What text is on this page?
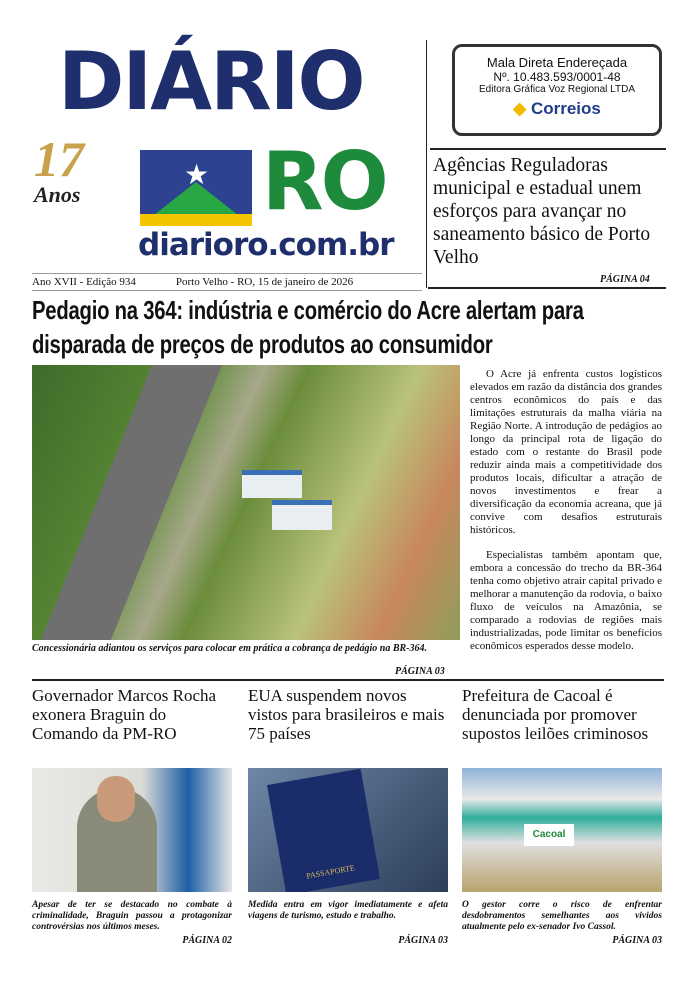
DIÁRIO
17
Anos
★ RO
diarioro.com.br
Ano XVII - Edição 934	Porto Velho - RO, 15 de janeiro de 2026
Mala Direta Endereçada
Nº. 10.483.593/0001-48
Editora Gráfica Voz Regional LTDA
◆ Correios
Agências Reguladoras municipal e estadual unem esforços para avançar no saneamento básico de Porto Velho
PÁGINA 04
Pedagio na 364: indústria e comércio do Acre alertam para disparada de preços de produtos ao consumidor
Concessionária adiantou os serviços para colocar em prática a cobrança de pedágio na BR-364.
PÁGINA 03

O Acre já enfrenta custos logísticos elevados em razão da distância dos grandes centros econômicos do país e das limitações estruturais da malha viária na Região Norte. A introdução de pedágios ao longo da principal rota de ligação do estado com o restante do Brasil pode reduzir ainda mais a competitividade dos produtos locais, dificultar a atração de novos investimentos e frear a diversificação da economia acreana, que já convive com desafios estruturais históricos.

Especialistas também apontam que, embora a concessão do trecho da BR-364 tenha como objetivo atrair capital privado e melhorar a manutenção da rodovia, o baixo fluxo de veículos na Amazônia, se comparado a rodovias de regiões mais industrializadas, pode limitar os benefícios econômicos esperados desse modelo.

Governador Marcos Rocha exonera Braguin do Comando da PM-RO
Apesar de ter se destacado no combate à criminalidade, Braguin passou a protagonizar controvérsias nos últimos meses.
PÁGINA 02
EUA suspendem novos vistos para brasileiros e mais 75 países
PASSAPORTE
Medida entra em vigor imediatamente e afeta viagens de turismo, estudo e trabalho.
PÁGINA 03
Prefeitura de Cacoal é denunciada por promover supostos leilões criminosos
Cacoal
O gestor corre o risco de enfrentar desdobramentos semelhantes aos vividos atualmente pelo ex-senador Ivo Cassol.
PÁGINA 03
